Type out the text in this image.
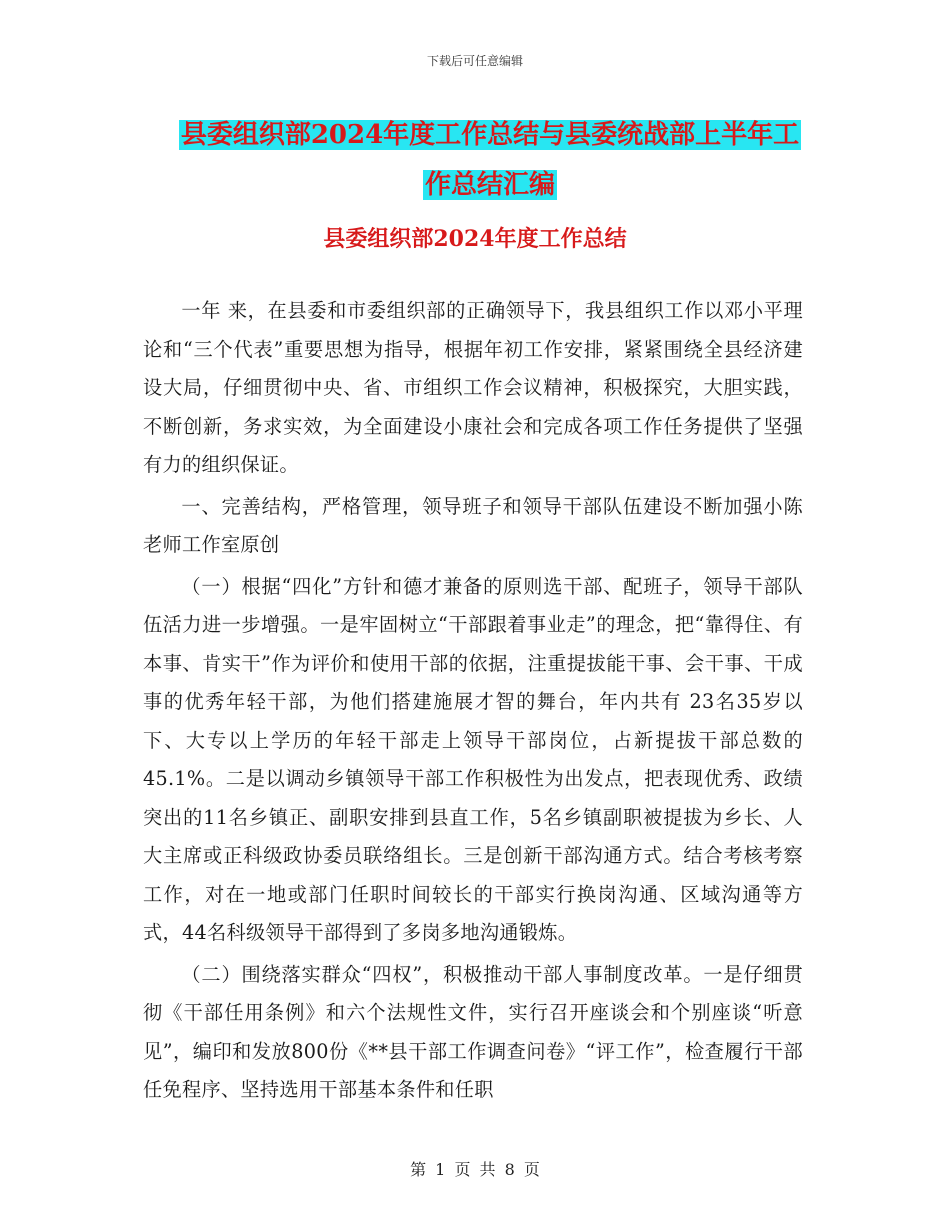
下载后可任意编辑
县委组织部2024年度工作总结与县委统战部上半年工
作总结汇编
县委组织部2024年度工作总结

一年 来，在县委和市委组织部的正确领导下，我县组织工作以邓小平理论和“三个代表”重要思想为指导，根据年初工作安排，紧紧围绕全县经济建设大局，仔细贯彻中央、省、市组织工作会议精神，积极探究，大胆实践，不断创新，务求实效，为全面建设小康社会和完成各项工作任务提供了坚强有力的组织保证。

一、完善结构，严格管理，领导班子和领导干部队伍建设不断加强小陈老师工作室原创

（一）根据“四化”方针和德才兼备的原则选干部、配班子，领导干部队伍活力进一步增强。一是牢固树立“干部跟着事业走”的理念，把“靠得住、有本事、肯实干”作为评价和使用干部的依据，注重提拔能干事、会干事、干成事的优秀年轻干部，为他们搭建施展才智的舞台，年内共有 23名35岁以下、大专以上学历的年轻干部走上领导干部岗位，占新提拔干部总数的45.1%。二是以调动乡镇领导干部工作积极性为出发点，把表现优秀、政绩突出的11名乡镇正、副职安排到县直工作，5名乡镇副职被提拔为乡长、人大主席或正科级政协委员联络组长。三是创新干部沟通方式。结合考核考察工作，对在一地或部门任职时间较长的干部实行换岗沟通、区域沟通等方式，44名科级领导干部得到了多岗多地沟通锻炼。

（二）围绕落实群众“四权”，积极推动干部人事制度改革。一是仔细贯彻《干部任用条例》和六个法规性文件，实行召开座谈会和个别座谈“听意见”，编印和发放800份《**县干部工作调查问卷》“评工作”，检查履行干部任免程序、坚持选用干部基本条件和任职

第 1 页 共 8 页
